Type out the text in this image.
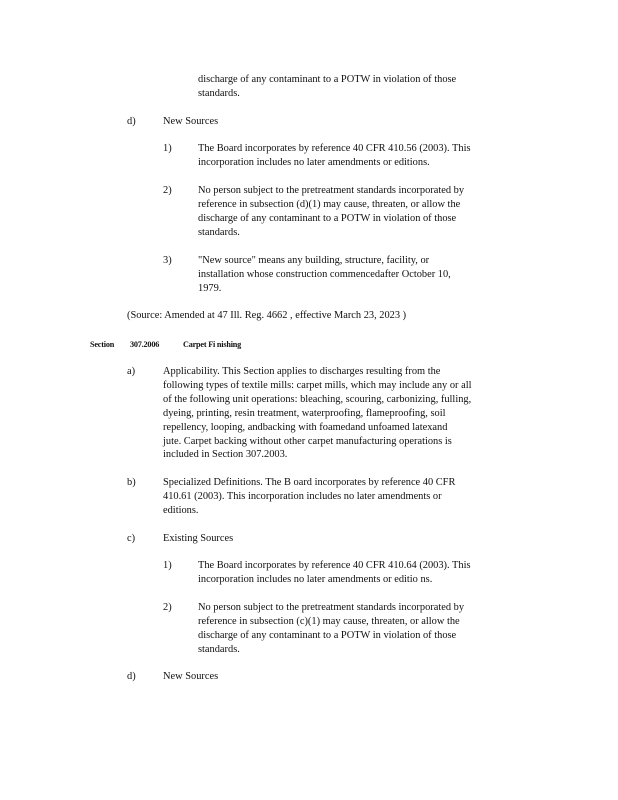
discharge of any contaminant to a POTW in violation of those

standards.

d)	New Sources
1)	The Board incorporates by reference 40 CFR 410.56 (2003). This

incorporation includes no later amendments or editions.

2)	No person subject to the pretreatment standards incorporated by

reference in subsection (d)(1) may cause, threaten, or allow the

discharge of any contaminant to a POTW in violation of those

standards.

3)	"New source" means any building, structure, facility, or

installation whose construction commencedafter October 10,

1979.

(Source: Amended at 47 Ill. Reg. 4662 , effective March 23, 2023 )
Section 307.2006	Carpet Fi nishing
a)	Applicability. This Section applies to discharges resulting from the

following types of textile mills: carpet mills, which may include any or all

of the following unit operations: bleaching, scouring, carbonizing, fulling,

dyeing, printing, resin treatment, waterproofing, flameproofing, soil

repellency, looping, andbacking with foamedand unfoamed latexand

jute. Carpet backing without other carpet manufacturing operations is

included in Section 307.2003.

b)	Specialized Definitions. The B oard incorporates by reference 40 CFR

410.61 (2003). This incorporation includes no later amendments or

editions.

c)	Existing Sources
1)	The Board incorporates by reference 40 CFR 410.64 (2003). This

incorporation includes no later amendments or editio ns.

2)	No person subject to the pretreatment standards incorporated by

reference in subsection (c)(1) may cause, threaten, or allow the

discharge of any contaminant to a POTW in violation of those

standards.

d)	New Sources
